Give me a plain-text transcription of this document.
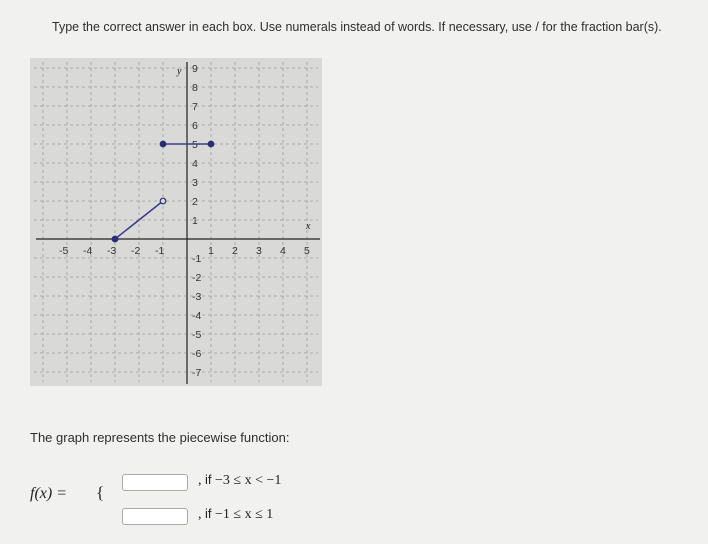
Type the correct answer in each box. Use numerals instead of words. If necessary, use / for the fraction bar(s).
x
y
-5 -4 -3 -2 -1	1 2 3 4 5
9
8
7
6
5
4
3
2
1
-1
-2
-3
-4
-5
-6
-7
The graph represents the piecewise function:
f(x) = {
, if −3 ≤ x < −1
, if −1 ≤ x ≤ 1
